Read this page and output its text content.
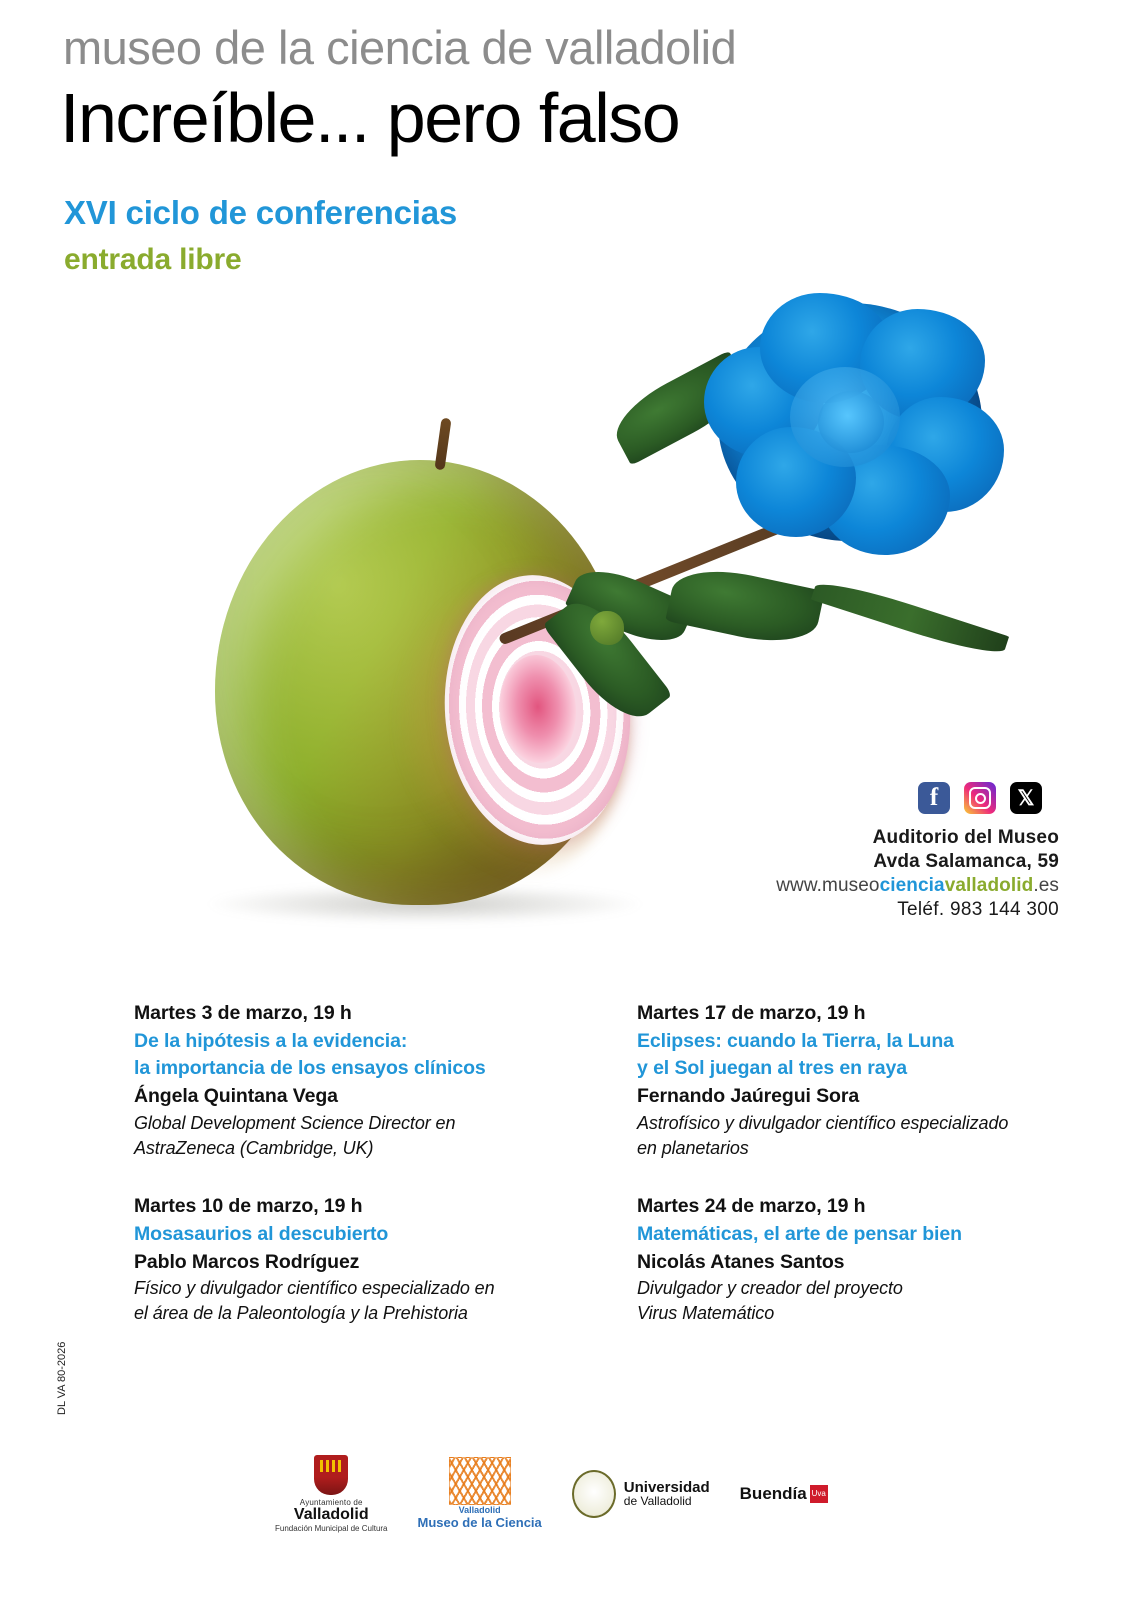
museo de la ciencia de valladolid
Increíble... pero falso
XVI ciclo de conferencias
entrada libre
f	𝕏
Auditorio del Museo
Avda Salamanca, 59
www.museocienciavalladolid.es
Teléf. 983 144 300
Martes 3 de marzo, 19 h
De la hipótesis a la evidencia:
la importancia de los ensayos clínicos
Ángela Quintana Vega
Global Development Science Director en
AstraZeneca (Cambridge, UK)
Martes 10 de marzo, 19 h
Mosasaurios al descubierto
Pablo Marcos Rodríguez
Físico y divulgador científico especializado en
el área de la Paleontología y la Prehistoria
Martes 17 de marzo, 19 h
Eclipses: cuando la Tierra, la Luna
y el Sol juegan al tres en raya
Fernando Jaúregui Sora
Astrofísico y divulgador científico especializado
en planetarios
Martes 24 de marzo, 19 h
Matemáticas, el arte de pensar bien
Nicolás Atanes Santos
Divulgador y creador del proyecto
Virus Matemático
DL VA 80-2026
Ayuntamiento de
Valladolid
Fundación Municipal de Cultura
Valladolid
Museo de la Ciencia
Universidad
de Valladolid	Buendía Uva
